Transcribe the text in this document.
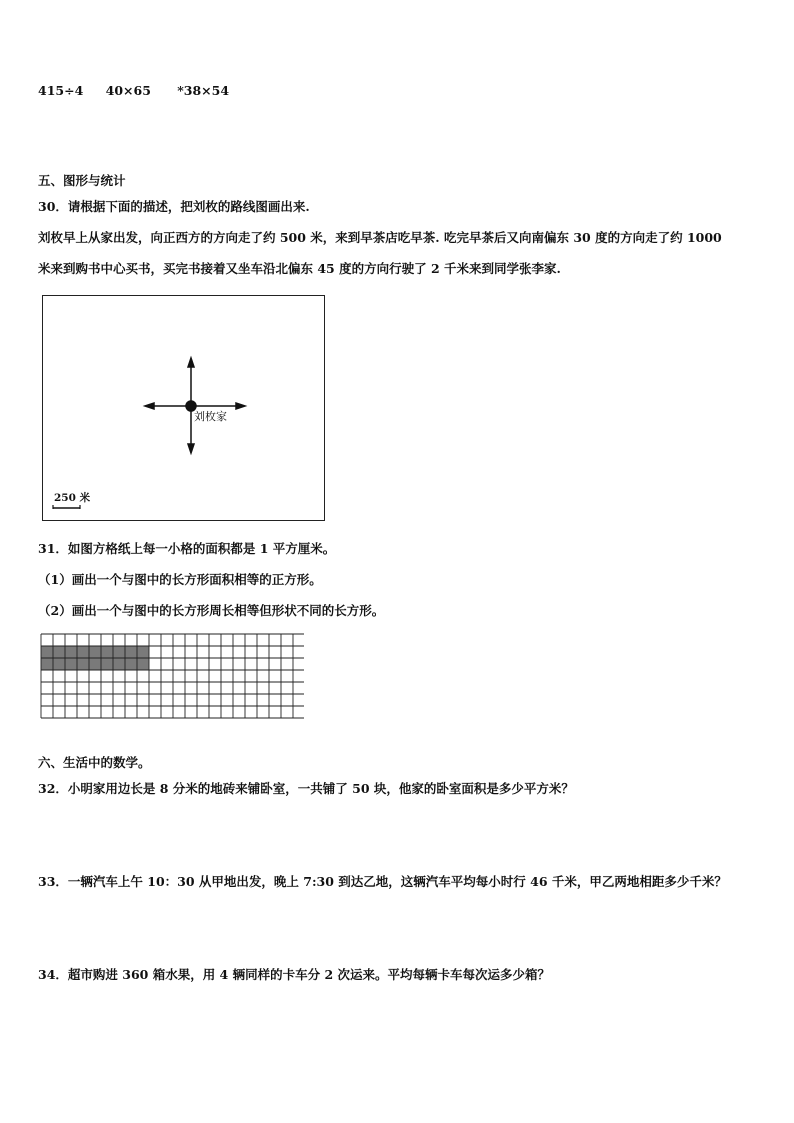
415÷4 40×65 *38×54
五、图形与统计
30．请根据下面的描述，把刘枚的路线图画出来.
刘枚早上从家出发，向正西方的方向走了约 500 米，来到早茶店吃早茶. 吃完早茶后又向南偏东 30 度的方向走了约 1000
米来到购书中心买书，买完书接着又坐车沿北偏东 45 度的方向行驶了 2 千米来到同学张李家.
刘枚家
250 米
31．如图方格纸上每一小格的面积都是 1 平方厘米。
（1）画出一个与图中的长方形面积相等的正方形。
（2）画出一个与图中的长方形周长相等但形状不同的长方形。
六、生活中的数学。
32．小明家用边长是 8 分米的地砖来铺卧室，一共铺了 50 块，他家的卧室面积是多少平方米？
33．一辆汽车上午 10：30 从甲地出发，晚上 7:30 到达乙地，这辆汽车平均每小时行 46 千米，甲乙两地相距多少千米？
34．超市购进 360 箱水果，用 4 辆同样的卡车分 2 次运来。平均每辆卡车每次运多少箱？
